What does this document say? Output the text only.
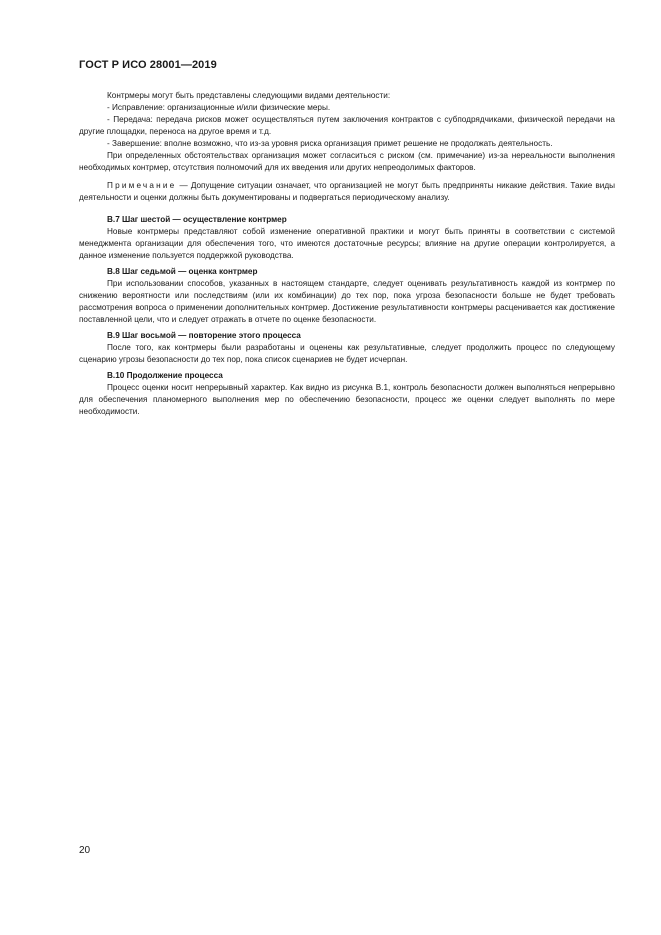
ГОСТ Р ИСО 28001—2019

Контрмеры могут быть представлены следующими видами деятельности:

- Исправление: организационные и/или физические меры.

- Передача: передача рисков может осуществляться путем заключения контрактов с субподрядчиками, физической передачи на другие площадки, переноса на другое время и т.д.

- Завершение: вполне возможно, что из-за уровня риска организация примет решение не продолжать деятельность.

При определенных обстоятельствах организация может согласиться с риском (см. примечание) из-за нереальности выполнения необходимых контрмер, отсутствия полномочий для их введения или других непреодолимых факторов.

Примечание — Допущение ситуации означает, что организацией не могут быть предприняты никакие действия. Такие виды деятельности и оценки должны быть документированы и подвергаться периодическому анализу.

В.7 Шаг шестой — осуществление контрмер

Новые контрмеры представляют собой изменение оперативной практики и могут быть приняты в соответствии с системой менеджмента организации для обеспечения того, что имеются достаточные ресурсы; влияние на другие операции контролируется, а данное изменение пользуется поддержкой руководства.

В.8 Шаг седьмой — оценка контрмер

При использовании способов, указанных в настоящем стандарте, следует оценивать результативность каждой из контрмер по снижению вероятности или последствиям (или их комбинации) до тех пор, пока угроза безопасности больше не будет требовать рассмотрения вопроса о применении дополнительных контрмер. Достижение результативности контрмеры расценивается как достижение поставленной цели, что и следует отражать в отчете по оценке безопасности.

В.9 Шаг восьмой — повторение этого процесса

После того, как контрмеры были разработаны и оценены как результативные, следует продолжить процесс по следующему сценарию угрозы безопасности до тех пор, пока список сценариев не будет исчерпан.

В.10 Продолжение процесса

Процесс оценки носит непрерывный характер. Как видно из рисунка В.1, контроль безопасности должен выполняться непрерывно для обеспечения планомерного выполнения мер по обеспечению безопасности, процесс же оценки следует выполнять по мере необходимости.

20
